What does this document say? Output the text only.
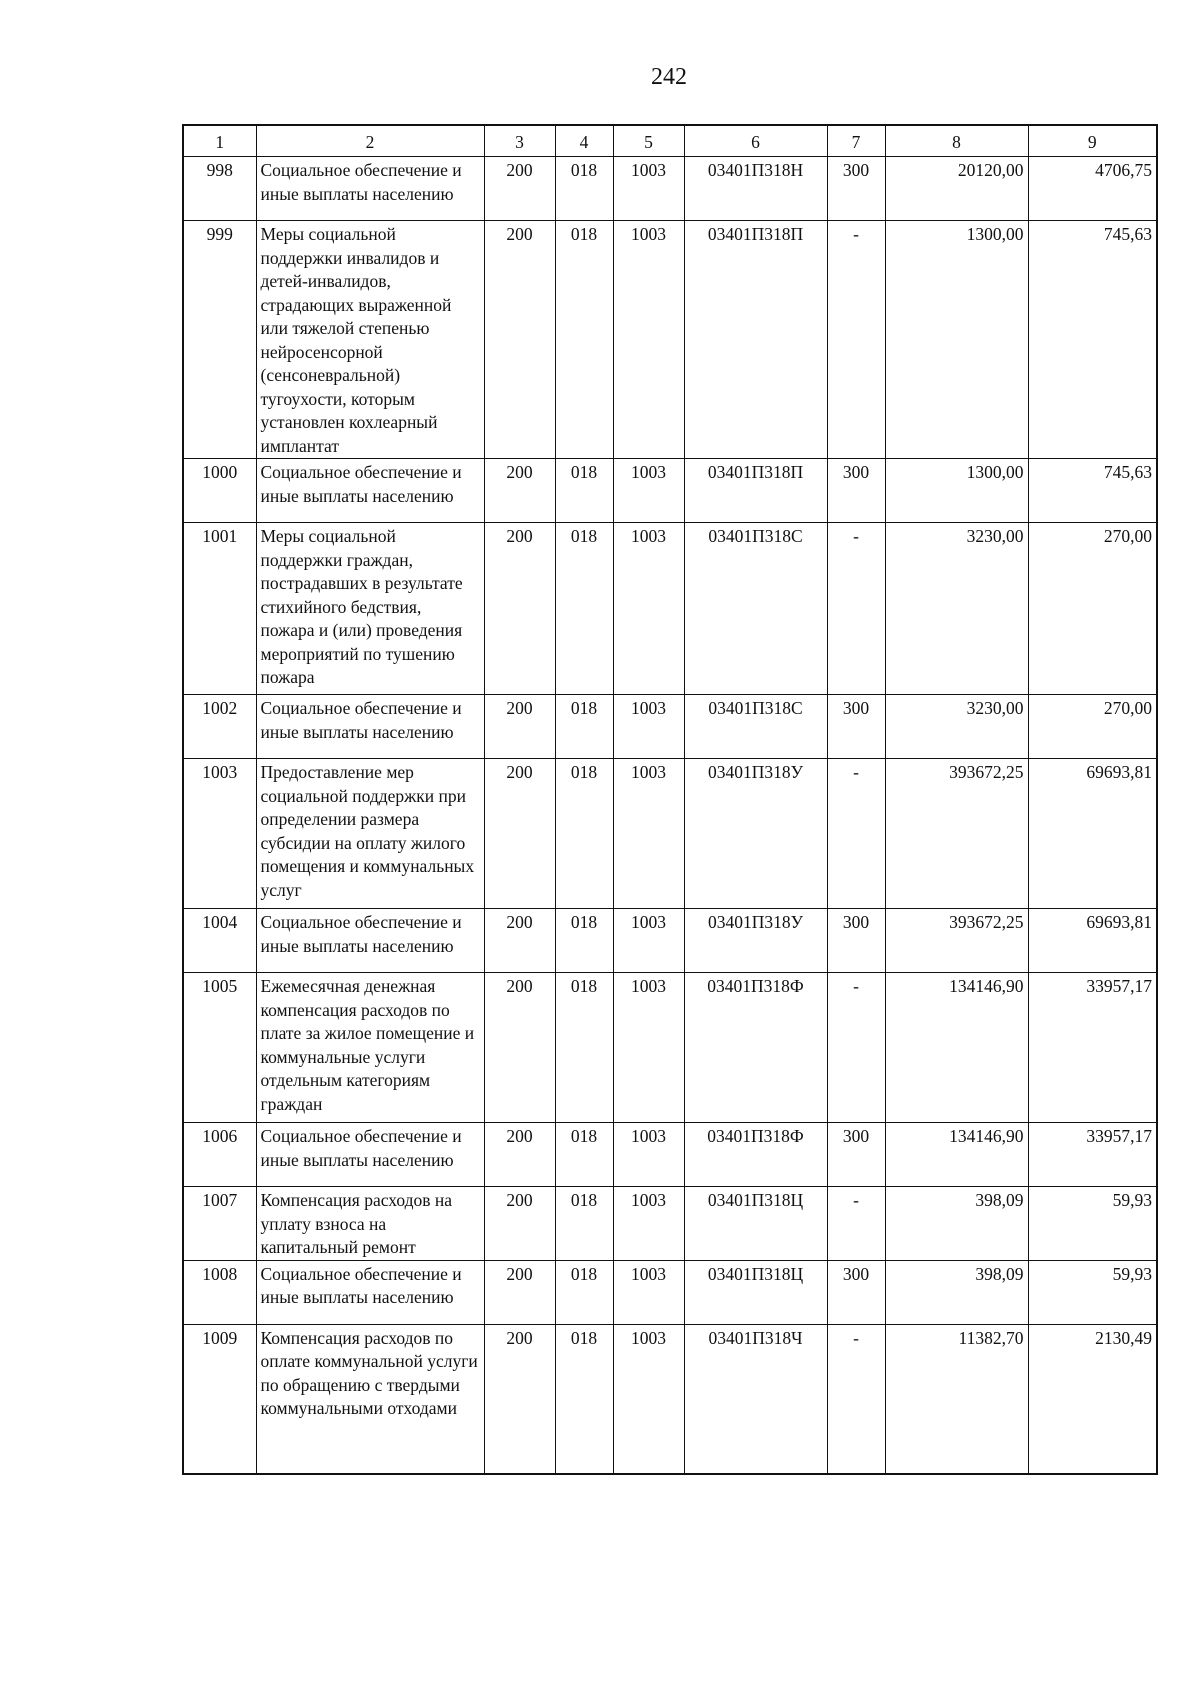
242
1	2	3	4	5	6	7	8	9
998	Социальное обеспечение и иные выплаты населению	200	018	1003	03401П318Н	300	20120,00	4706,75
999	Меры социальной поддержки инвалидов и детей-инвалидов, страдающих выраженной или тяжелой степенью нейросенсорной (сенсоневральной) тугоухости, которым установлен кохлеарный имплантат	200	018	1003	03401П318П	-	1300,00	745,63
1000	Социальное обеспечение и иные выплаты населению	200	018	1003	03401П318П	300	1300,00	745,63
1001	Меры социальной поддержки граждан, пострадавших в результате стихийного бедствия, пожара и (или) проведения мероприятий по тушению пожара	200	018	1003	03401П318С	-	3230,00	270,00
1002	Социальное обеспечение и иные выплаты населению	200	018	1003	03401П318С	300	3230,00	270,00
1003	Предоставление мер социальной поддержки при определении размера субсидии на оплату жилого помещения и коммунальных услуг	200	018	1003	03401П318У	-	393672,25	69693,81
1004	Социальное обеспечение и иные выплаты населению	200	018	1003	03401П318У	300	393672,25	69693,81
1005	Ежемесячная денежная компенсация расходов по плате за жилое помещение и коммунальные услуги отдельным категориям граждан	200	018	1003	03401П318Ф	-	134146,90	33957,17
1006	Социальное обеспечение и иные выплаты населению	200	018	1003	03401П318Ф	300	134146,90	33957,17
1007	Компенсация расходов на уплату взноса на капитальный ремонт	200	018	1003	03401П318Ц	-	398,09	59,93
1008	Социальное обеспечение и иные выплаты населению	200	018	1003	03401П318Ц	300	398,09	59,93
1009	Компенсация расходов по оплате коммунальной услуги по обращению с твердыми коммунальными отходами	200	018	1003	03401П318Ч	-	11382,70	2130,49
